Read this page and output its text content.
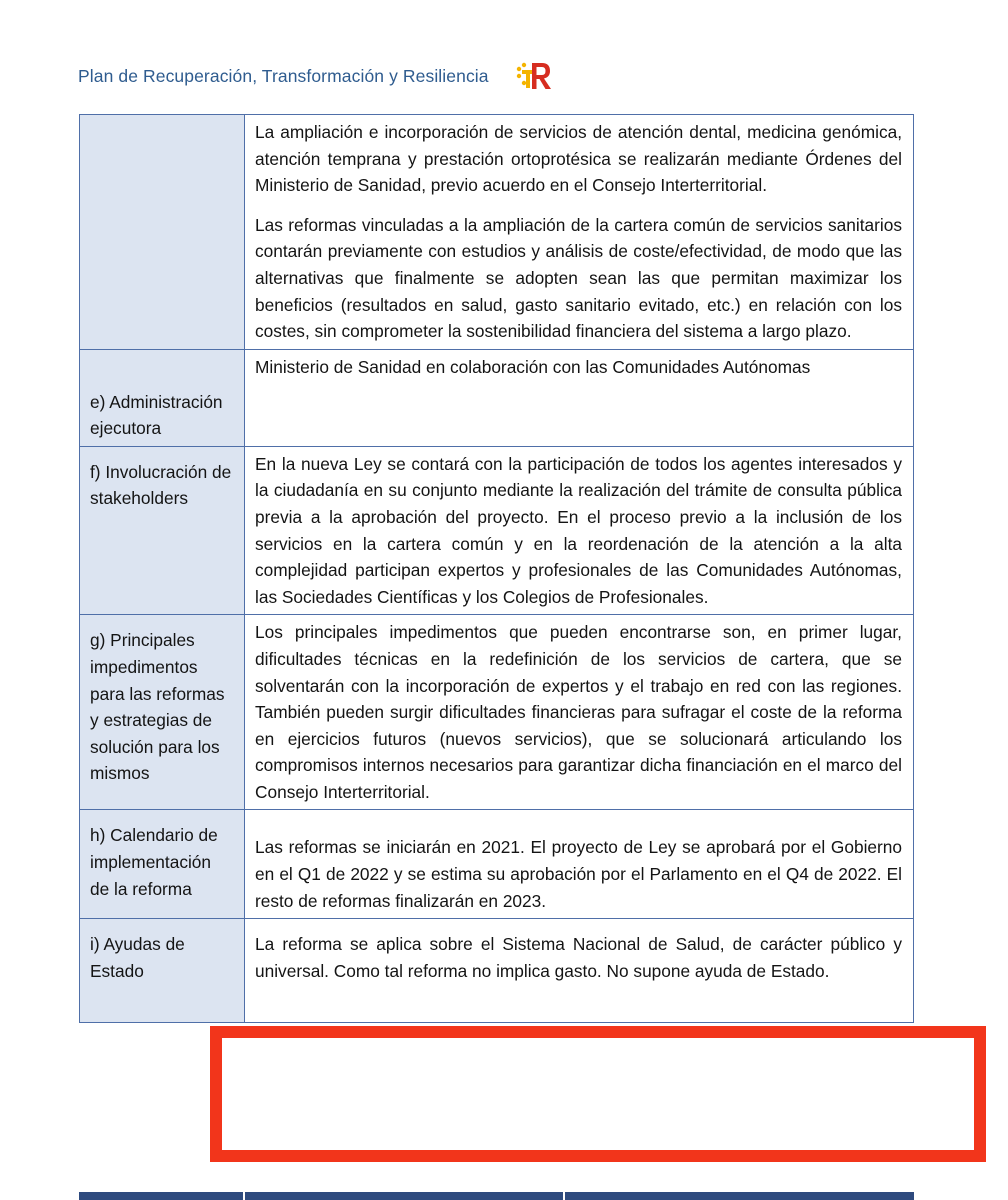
Plan de Recuperación, Transformación y Resiliencia

	La ampliación e incorporación de servicios de atención dental, medicina genómica, atención temprana y prestación ortoprotésica se realizarán mediante Órdenes del Ministerio de Sanidad, previo acuerdo en el Consejo Interterritorial.

Las reformas vinculadas a la ampliación de la cartera común de servicios sanitarios contarán previamente con estudios y análisis de coste/efectividad, de modo que las alternativas que finalmente se adopten sean las que permitan maximizar los beneficios (resultados en salud, gasto sanitario evitado, etc.) en relación con los costes, sin comprometer la sostenibilidad financiera del sistema a largo plazo.

e) Administración ejecutora	Ministerio de Sanidad en colaboración con las Comunidades Autónomas

f) Involucración de stakeholders	En la nueva Ley se contará con la participación de todos los agentes interesados y la ciudadanía en su conjunto mediante la realización del trámite de consulta pública previa a la aprobación del proyecto. En el proceso previo a la inclusión de los servicios en la cartera común y en la reordenación de la atención a la alta complejidad participan expertos y profesionales de las Comunidades Autónomas, las Sociedades Científicas y los Colegios de Profesionales.

g) Principales impedimentos para las reformas y estrategias de solución para los mismos	Los principales impedimentos que pueden encontrarse son, en primer lugar, dificultades técnicas en la redefinición de los servicios de cartera, que se solventarán con la incorporación de expertos y el trabajo en red con las regiones. También pueden surgir dificultades financieras para sufragar el coste de la reforma en ejercicios futuros (nuevos servicios), que se solucionará articulando los compromisos internos necesarios para garantizar dicha financiación en el marco del Consejo Interterritorial.

h) Calendario de implementación de la reforma	Las reformas se iniciarán en 2021. El proyecto de Ley se aprobará por el Gobierno en el Q1 de 2022 y se estima su aprobación por el Parlamento en el Q4 de 2022. El resto de reformas finalizarán en 2023.

i) Ayudas de Estado	La reforma se aplica sobre el Sistema Nacional de Salud, de carácter público y universal. Como tal reforma no implica gasto. No supone ayuda de Estado.
